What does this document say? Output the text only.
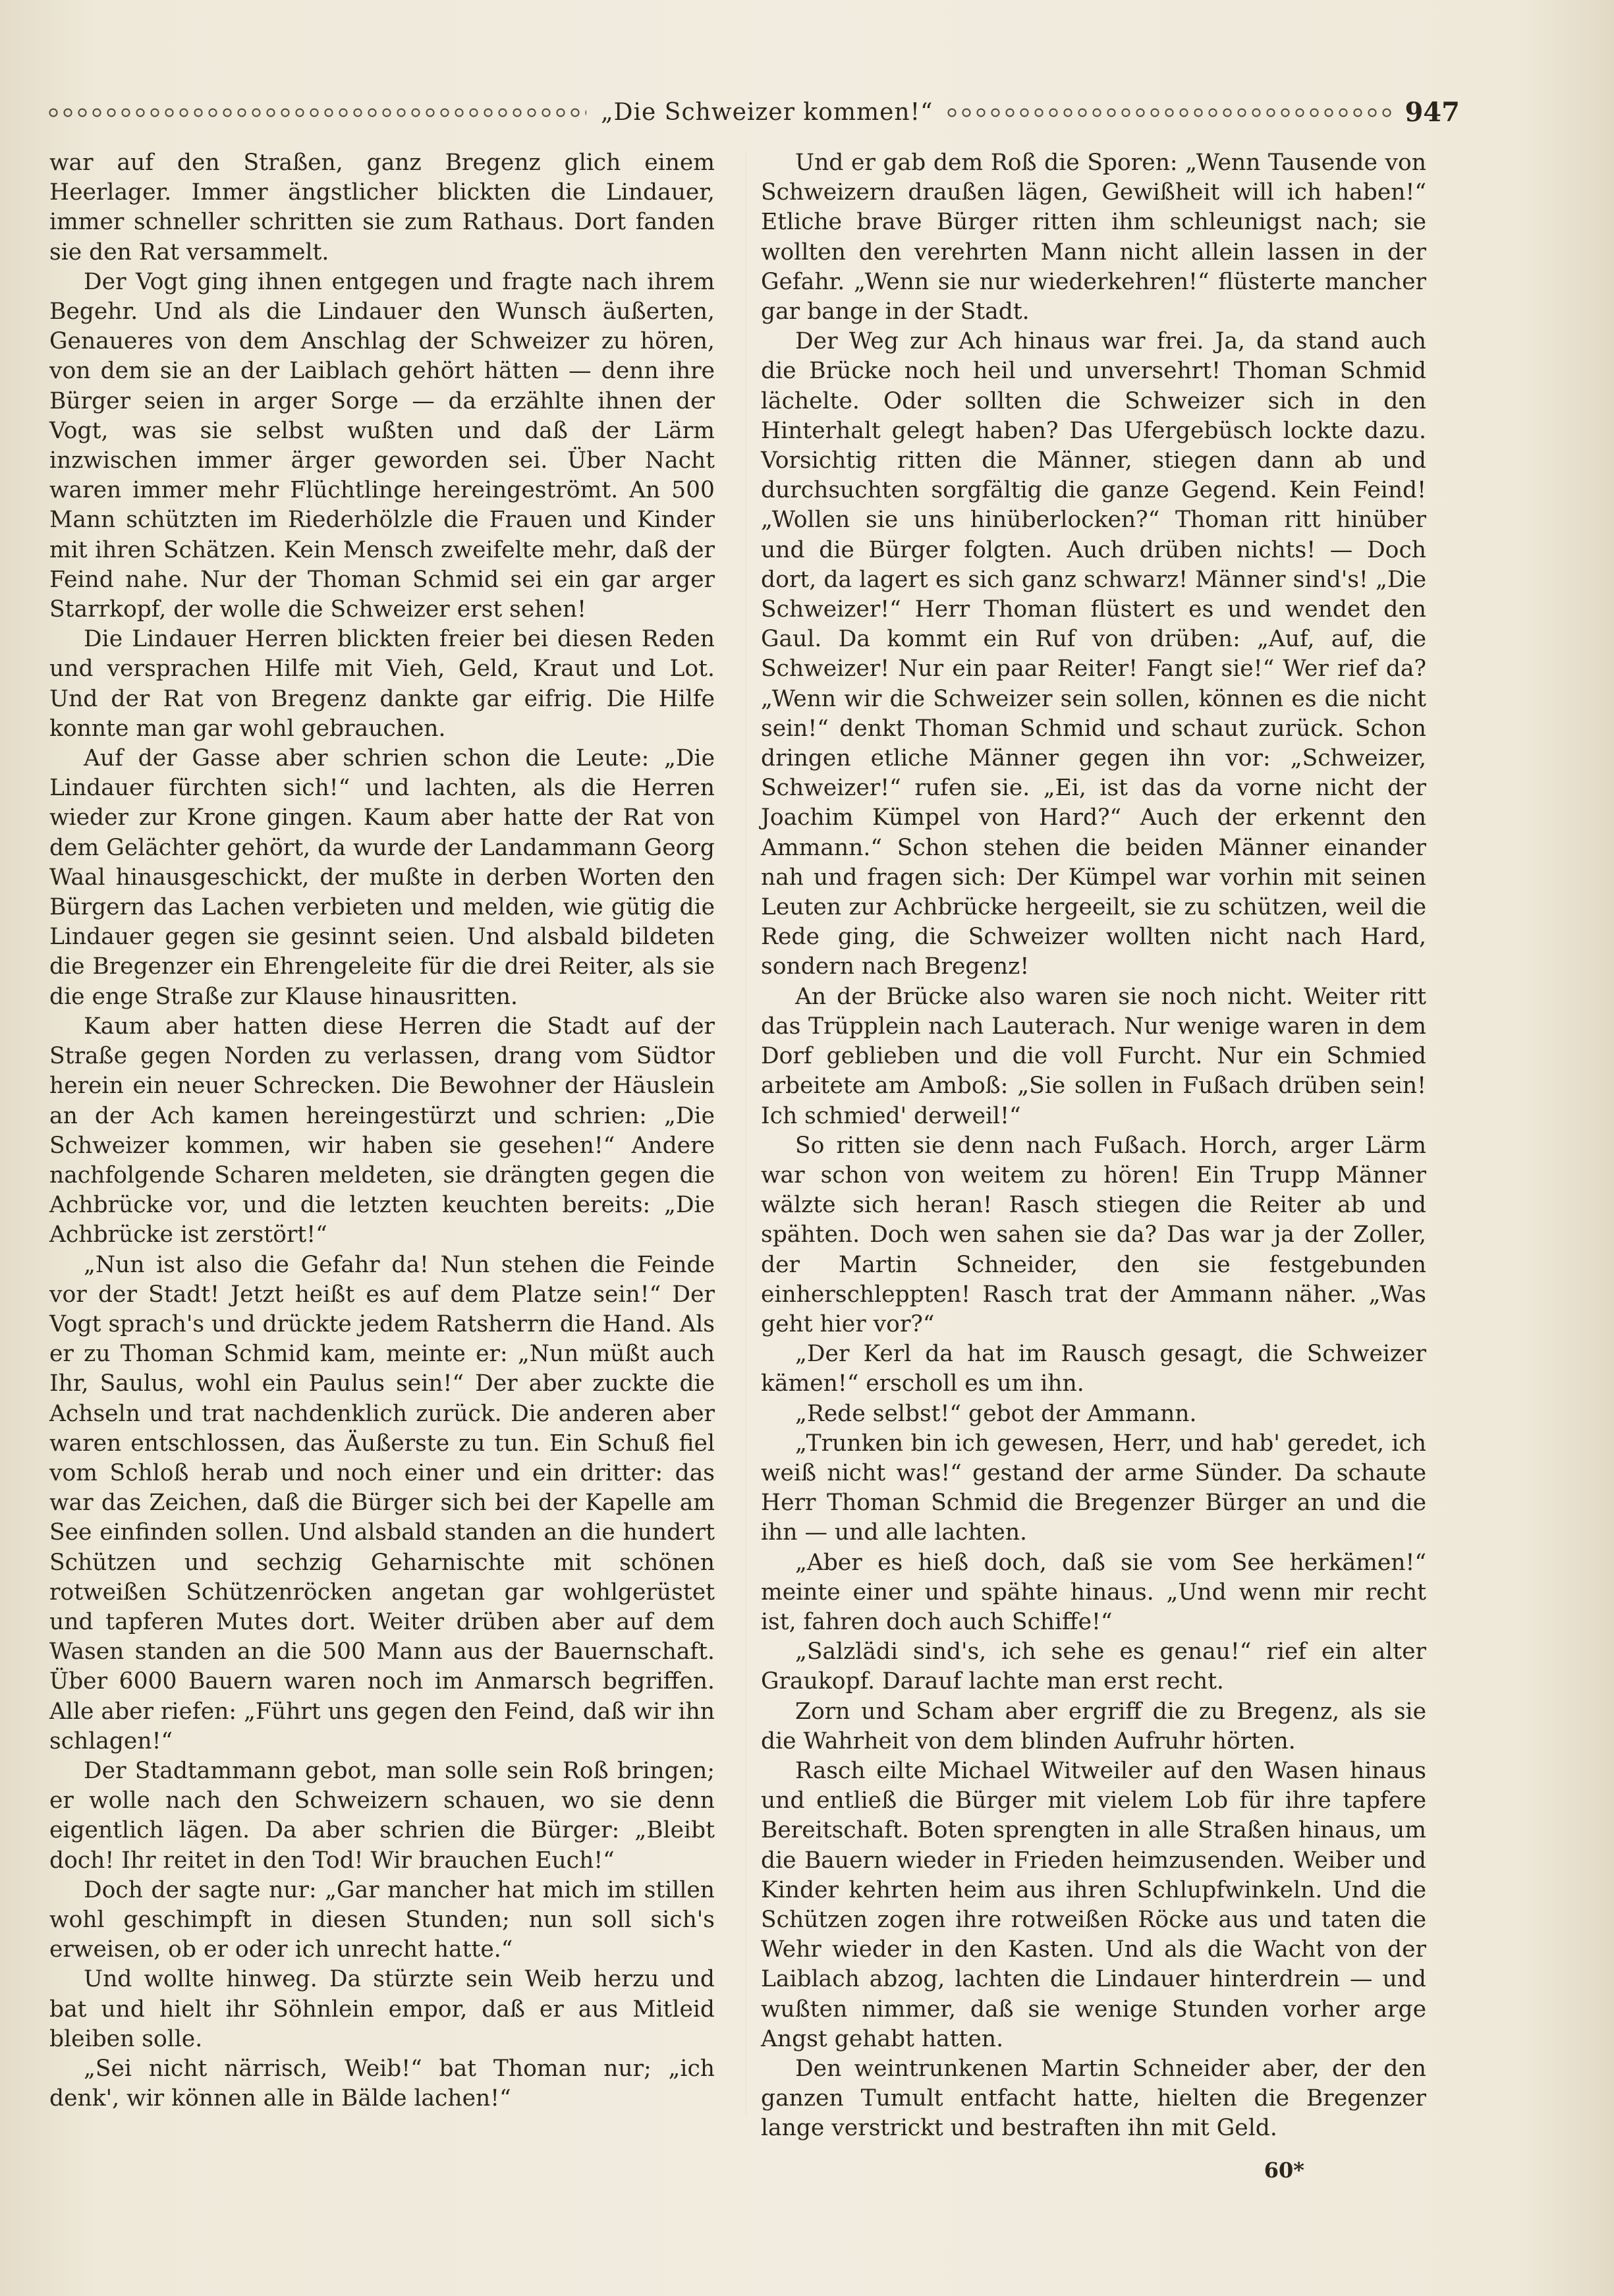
„Die Schweizer kommen!“	947

war auf den Straßen, ganz Bregenz glich einem Heerlager. Immer ängstlicher blickten die Lindauer, immer schneller schritten sie zum Rathaus. Dort fanden sie den Rat versammelt.

Der Vogt ging ihnen entgegen und fragte nach ihrem Begehr. Und als die Lindauer den Wunsch äußerten, Genaueres von dem Anschlag der Schweizer zu hören, von dem sie an der Laiblach gehört hätten — denn ihre Bürger seien in arger Sorge — da erzählte ihnen der Vogt, was sie selbst wußten und daß der Lärm inzwischen immer ärger geworden sei. Über Nacht waren immer mehr Flüchtlinge hereingeströmt. An 500 Mann schützten im Riederhölzle die Frauen und Kinder mit ihren Schätzen. Kein Mensch zweifelte mehr, daß der Feind nahe. Nur der Thoman Schmid sei ein gar arger Starrkopf, der wolle die Schweizer erst sehen!

Die Lindauer Herren blickten freier bei diesen Reden und versprachen Hilfe mit Vieh, Geld, Kraut und Lot. Und der Rat von Bregenz dankte gar eifrig. Die Hilfe konnte man gar wohl gebrauchen.

Auf der Gasse aber schrien schon die Leute: „Die Lindauer fürchten sich!“ und lachten, als die Herren wieder zur Krone gingen. Kaum aber hatte der Rat von dem Gelächter gehört, da wurde der Landammann Georg Waal hinausgeschickt, der mußte in derben Worten den Bürgern das Lachen verbieten und melden, wie gütig die Lindauer gegen sie gesinnt seien. Und alsbald bildeten die Bregenzer ein Ehrengeleite für die drei Reiter, als sie die enge Straße zur Klause hinausritten.

Kaum aber hatten diese Herren die Stadt auf der Straße gegen Norden zu verlassen, drang vom Südtor herein ein neuer Schrecken. Die Bewohner der Häuslein an der Ach kamen hereingestürzt und schrien: „Die Schweizer kommen, wir haben sie gesehen!“ Andere nachfolgende Scharen meldeten, sie drängten gegen die Achbrücke vor, und die letzten keuchten bereits: „Die Achbrücke ist zerstört!“

„Nun ist also die Gefahr da! Nun stehen die Feinde vor der Stadt! Jetzt heißt es auf dem Platze sein!“ Der Vogt sprach's und drückte jedem Ratsherrn die Hand. Als er zu Thoman Schmid kam, meinte er: „Nun müßt auch Ihr, Saulus, wohl ein Paulus sein!“ Der aber zuckte die Achseln und trat nachdenklich zurück. Die anderen aber waren entschlossen, das Äußerste zu tun. Ein Schuß fiel vom Schloß herab und noch einer und ein dritter: das war das Zeichen, daß die Bürger sich bei der Kapelle am See einfinden sollen. Und alsbald standen an die hundert Schützen und sechzig Geharnischte mit schönen rotweißen Schützenröcken angetan gar wohlgerüstet und tapferen Mutes dort. Weiter drüben aber auf dem Wasen standen an die 500 Mann aus der Bauernschaft. Über 6000 Bauern waren noch im Anmarsch begriffen. Alle aber riefen: „Führt uns gegen den Feind, daß wir ihn schlagen!“

Der Stadtammann gebot, man solle sein Roß bringen; er wolle nach den Schweizern schauen, wo sie denn eigentlich lägen. Da aber schrien die Bürger: „Bleibt doch! Ihr reitet in den Tod! Wir brauchen Euch!“

Doch der sagte nur: „Gar mancher hat mich im stillen wohl geschimpft in diesen Stunden; nun soll sich's erweisen, ob er oder ich unrecht hatte.“

Und wollte hinweg. Da stürzte sein Weib herzu und bat und hielt ihr Söhnlein empor, daß er aus Mitleid bleiben solle.

„Sei nicht närrisch, Weib!“ bat Thoman nur; „ich denk', wir können alle in Bälde lachen!“

Und er gab dem Roß die Sporen: „Wenn Tausende von Schweizern draußen lägen, Gewißheit will ich haben!“ Etliche brave Bürger ritten ihm schleunigst nach; sie wollten den verehrten Mann nicht allein lassen in der Gefahr. „Wenn sie nur wiederkehren!“ flüsterte mancher gar bange in der Stadt.

Der Weg zur Ach hinaus war frei. Ja, da stand auch die Brücke noch heil und unversehrt! Thoman Schmid lächelte. Oder sollten die Schweizer sich in den Hinterhalt gelegt haben? Das Ufergebüsch lockte dazu. Vorsichtig ritten die Männer, stiegen dann ab und durchsuchten sorgfältig die ganze Gegend. Kein Feind! „Wollen sie uns hinüberlocken?“ Thoman ritt hinüber und die Bürger folgten. Auch drüben nichts! — Doch dort, da lagert es sich ganz schwarz! Männer sind's! „Die Schweizer!“ Herr Thoman flüstert es und wendet den Gaul. Da kommt ein Ruf von drüben: „Auf, auf, die Schweizer! Nur ein paar Reiter! Fangt sie!“ Wer rief da? „Wenn wir die Schweizer sein sollen, können es die nicht sein!“ denkt Thoman Schmid und schaut zurück. Schon dringen etliche Männer gegen ihn vor: „Schweizer, Schweizer!“ rufen sie. „Ei, ist das da vorne nicht der Joachim Kümpel von Hard?“ Auch der erkennt den Ammann.“ Schon stehen die beiden Männer einander nah und fragen sich: Der Kümpel war vorhin mit seinen Leuten zur Achbrücke hergeeilt, sie zu schützen, weil die Rede ging, die Schweizer wollten nicht nach Hard, sondern nach Bregenz!

An der Brücke also waren sie noch nicht. Weiter ritt das Trüpplein nach Lauterach. Nur wenige waren in dem Dorf geblieben und die voll Furcht. Nur ein Schmied arbeitete am Amboß: „Sie sollen in Fußach drüben sein! Ich schmied' derweil!“

So ritten sie denn nach Fußach. Horch, arger Lärm war schon von weitem zu hören! Ein Trupp Männer wälzte sich heran! Rasch stiegen die Reiter ab und spähten. Doch wen sahen sie da? Das war ja der Zoller, der Martin Schneider, den sie festgebunden einherschleppten! Rasch trat der Ammann näher. „Was geht hier vor?“

„Der Kerl da hat im Rausch gesagt, die Schweizer kämen!“ erscholl es um ihn.

„Rede selbst!“ gebot der Ammann.

„Trunken bin ich gewesen, Herr, und hab' geredet, ich weiß nicht was!“ gestand der arme Sünder. Da schaute Herr Thoman Schmid die Bregenzer Bürger an und die ihn — und alle lachten.

„Aber es hieß doch, daß sie vom See herkämen!“ meinte einer und spähte hinaus. „Und wenn mir recht ist, fahren doch auch Schiffe!“

„Salzlädi sind's, ich sehe es genau!“ rief ein alter Graukopf. Darauf lachte man erst recht.

Zorn und Scham aber ergriff die zu Bregenz, als sie die Wahrheit von dem blinden Aufruhr hörten.

Rasch eilte Michael Witweiler auf den Wasen hinaus und entließ die Bürger mit vielem Lob für ihre tapfere Bereitschaft. Boten sprengten in alle Straßen hinaus, um die Bauern wieder in Frieden heimzusenden. Weiber und Kinder kehrten heim aus ihren Schlupfwinkeln. Und die Schützen zogen ihre rotweißen Röcke aus und taten die Wehr wieder in den Kasten. Und als die Wacht von der Laiblach abzog, lachten die Lindauer hinterdrein — und wußten nimmer, daß sie wenige Stunden vorher arge Angst gehabt hatten.

Den weintrunkenen Martin Schneider aber, der den ganzen Tumult entfacht hatte, hielten die Bregenzer lange verstrickt und bestraften ihn mit Geld.

60*
